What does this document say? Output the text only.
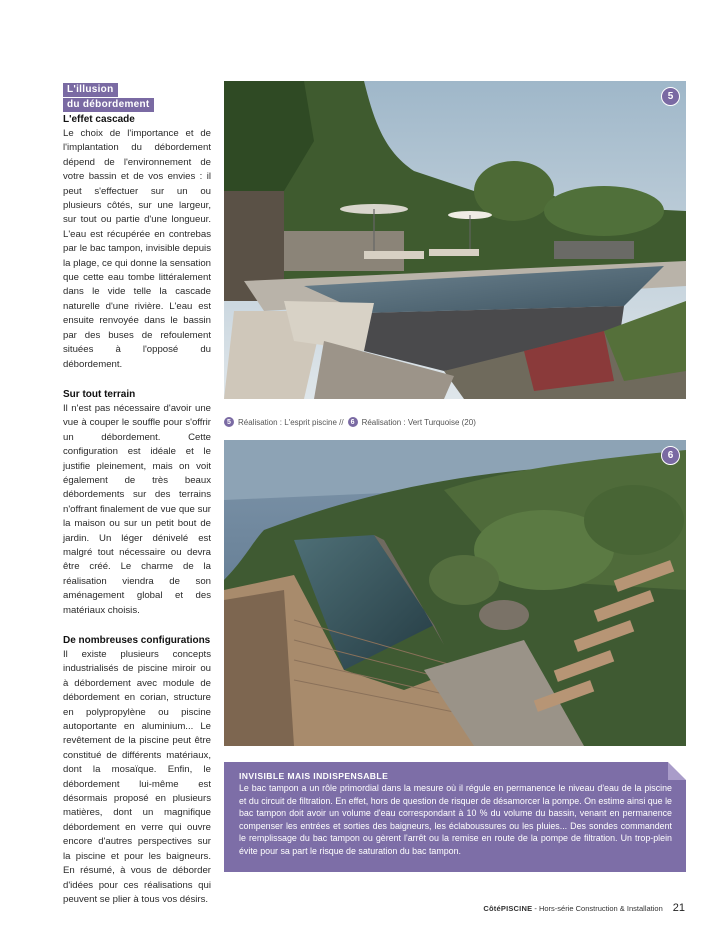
L'illusion
du débordement
L'effet cascade

Le choix de l'importance et de l'implantation du débordement dépend de l'environnement de votre bassin et de vos envies : il peut s'effectuer sur un ou plusieurs côtés, sur une largeur, sur tout ou partie d'une longueur. L'eau est récupérée en contrebas par le bac tampon, invisible depuis la plage, ce qui donne la sensation que cette eau tombe littéralement dans le vide telle la cascade naturelle d'une rivière. L'eau est ensuite renvoyée dans le bassin par des buses de refoulement situées à l'opposé du débordement.

Sur tout terrain

Il n'est pas nécessaire d'avoir une vue à couper le souffle pour s'offrir un débordement. Cette configuration est idéale et le justifie pleinement, mais on voit également de très beaux débordements sur des terrains n'offrant finalement de vue que sur la maison ou sur un petit bout de jardin. Un léger dénivelé est malgré tout nécessaire ou devra être créé. Le charme de la réalisation viendra de son aménagement global et des matériaux choisis.

De nombreuses configurations

Il existe plusieurs concepts industrialisés de piscine miroir ou à débordement avec module de débordement en corian, structure en polypropylène ou piscine autoportante en aluminium... Le revêtement de la piscine peut être constitué de différents matériaux, dont la mosaïque. Enfin, le débordement lui-même est désormais proposé en plusieurs matières, dont un magnifique débordement en verre qui ouvre encore d'autres perspectives sur la piscine et pour les baigneurs. En résumé, à vous de déborder d'idées pour ces réalisations qui peuvent se plier à tous vos désirs.

5
5 Réalisation : L'esprit piscine //	6 Réalisation : Vert Turquoise (20)
6
INVISIBLE MAIS INDISPENSABLE

Le bac tampon a un rôle primordial dans la mesure où il régule en permanence le niveau d'eau de la piscine et du circuit de filtration. En effet, hors de question de risquer de désamorcer la pompe. On estime ainsi que le bac tampon doit avoir un volume d'eau correspondant à 10 % du volume du bassin, venant en permanence compenser les entrées et sorties des baigneurs, les éclaboussures ou les pluies... Des sondes commandent le remplissage du bac tampon ou gèrent l'arrêt ou la remise en route de la pompe de filtration. Un trop-plein évite pour sa part le risque de saturation du bac tampon.

CôtéPISCINE - Hors-série Construction & Installation 21
